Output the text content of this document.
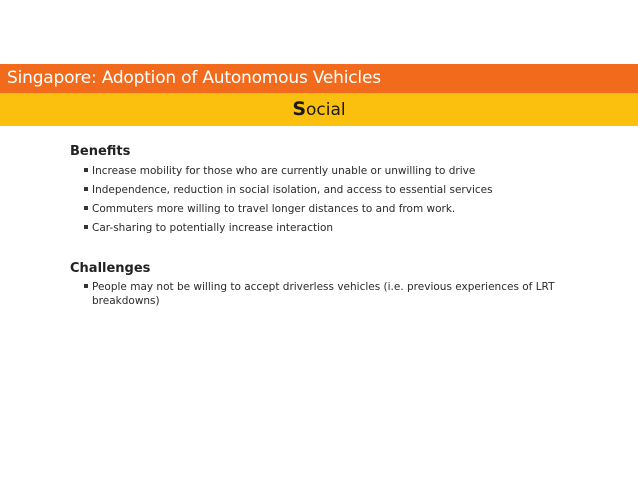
Singapore: Adoption of Autonomous Vehicles
Social

Benefits

Increase mobility for those who are currently unable or unwilling to drive
Independence, reduction in social isolation, and access to essential services
Commuters more willing to travel longer distances to and from work.
Car-sharing to potentially increase interaction

Challenges

People may not be willing to accept driverless vehicles (i.e. previous experiences of LRT breakdowns)
